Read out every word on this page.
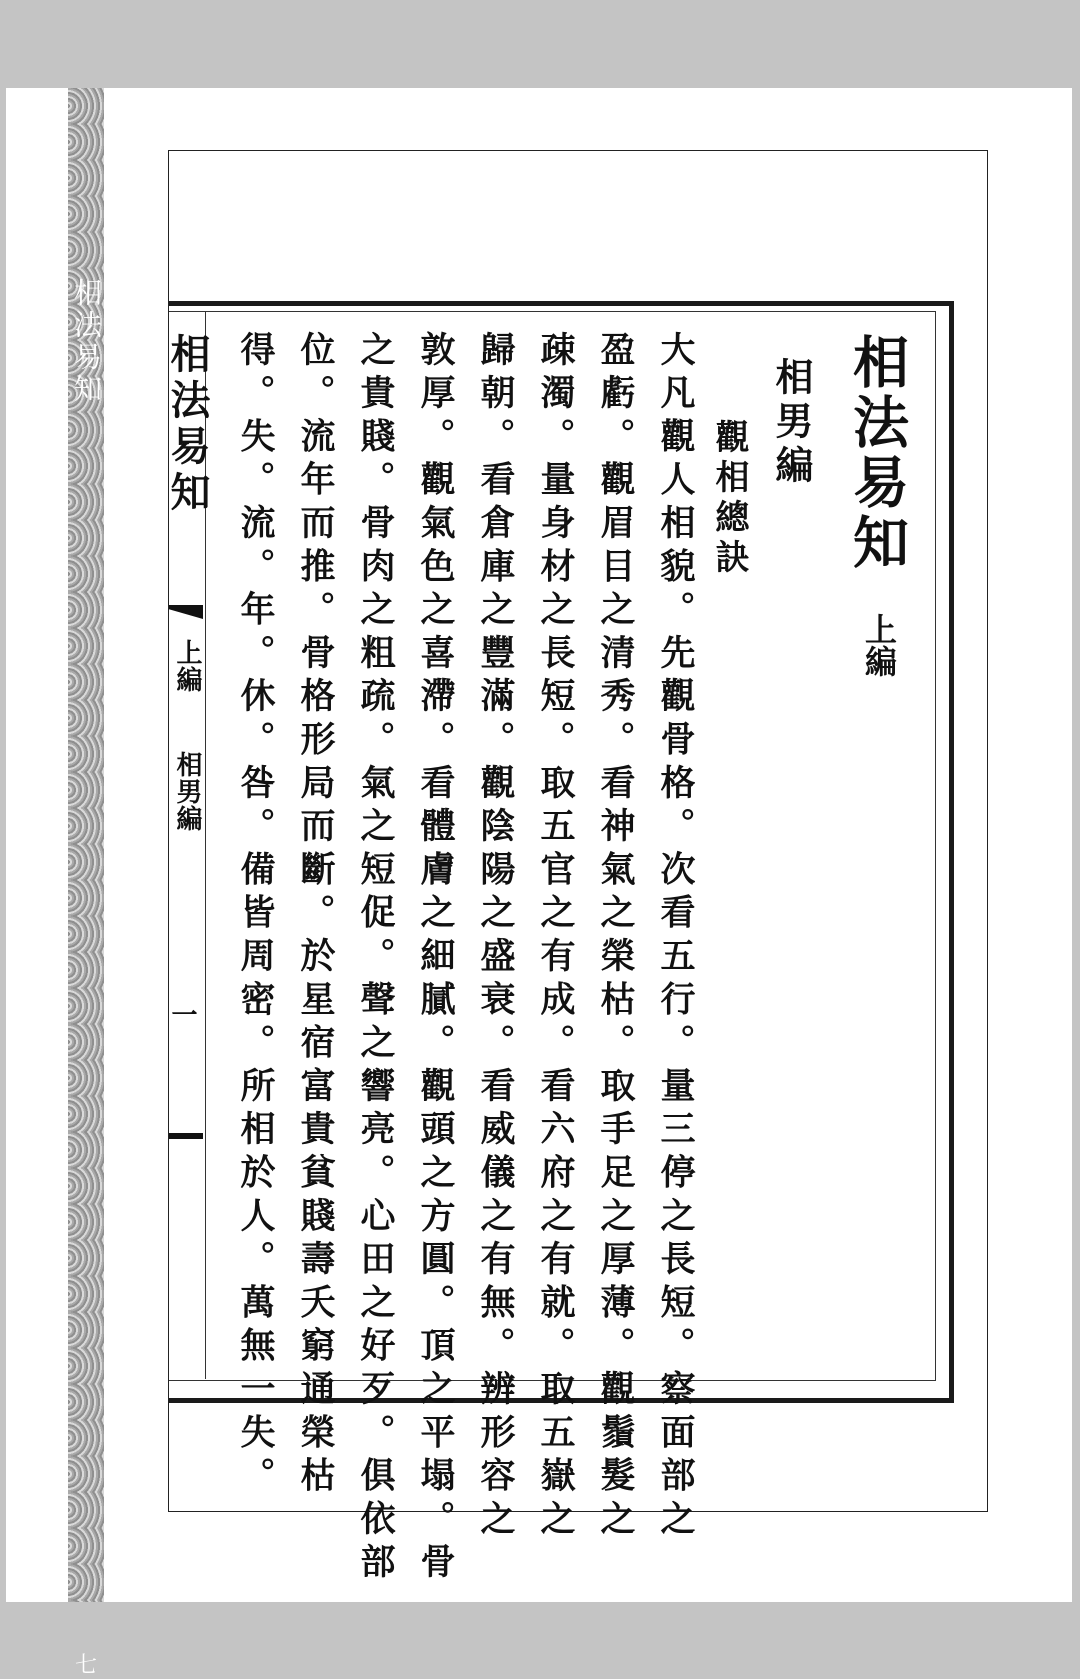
相法易知
七
相法易知
上編
相男編
一
相法易知
上編
相男編
觀相總訣
大凡觀人相貌。先觀骨格。次看五行。量三停之長短。察面部之
盈虧。觀眉目之清秀。看神氣之榮枯。取手足之厚薄。觀鬚髮之
疎濁。量身材之長短。取五官之有成。看六府之有就。取五嶽之
歸朝。看倉庫之豐滿。觀陰陽之盛衰。看威儀之有無。辨形容之
敦厚。觀氣色之喜滯。看體膚之細膩。觀頭之方圓。頂之平塌。骨
之貴賤。骨肉之粗疏。氣之短促。聲之響亮。心田之好歹。俱依部
位。流年而推。骨格形局而斷。於星宿富貴貧賤壽夭窮通榮枯
得。失。流。年。休。咎。備皆周密。所相於人。萬無一失。
